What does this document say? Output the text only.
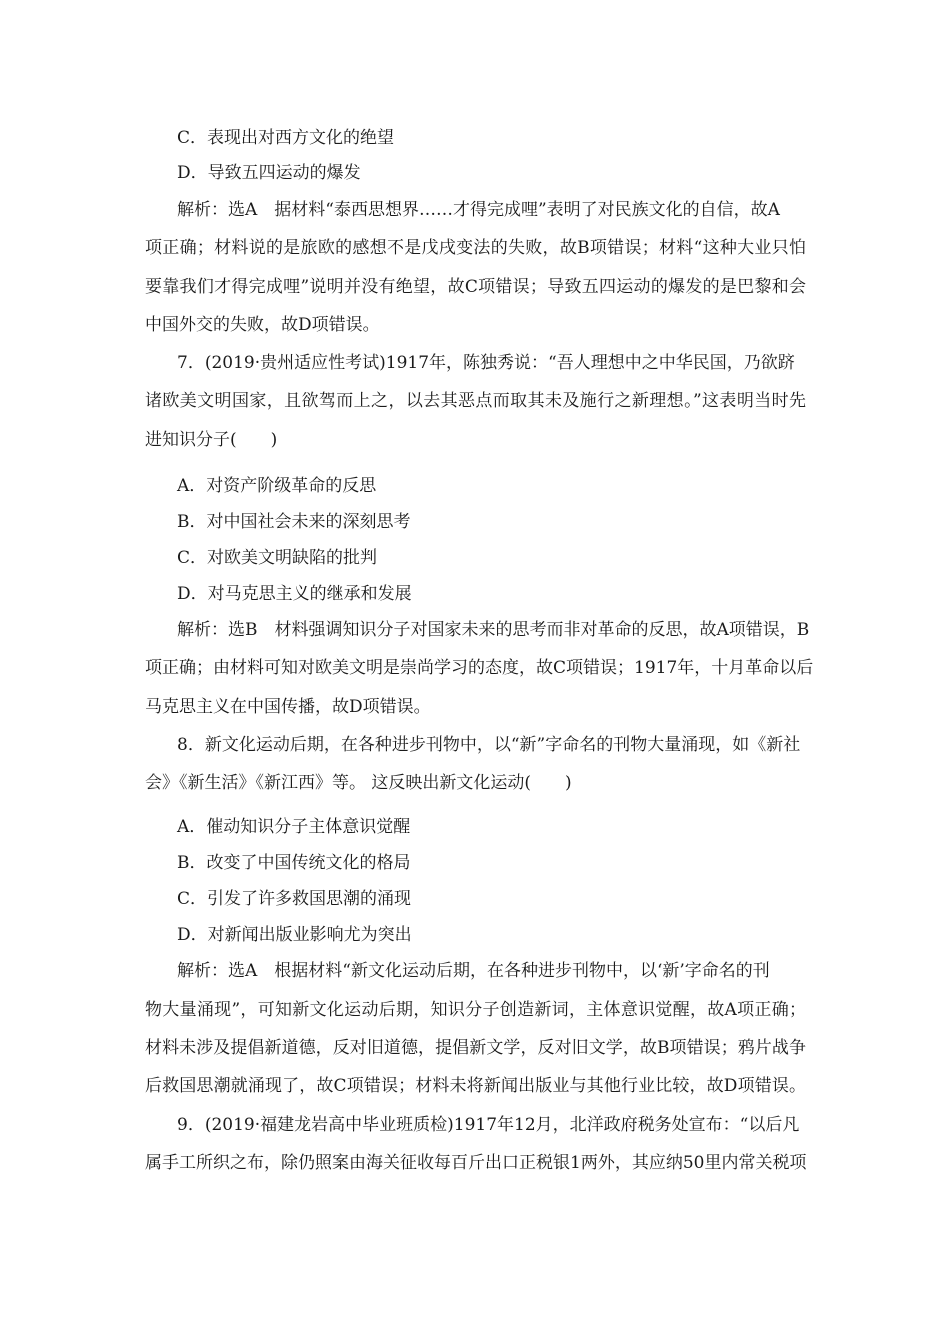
C．表现出对西方文化的绝望
D．导致五四运动的爆发
解析：选A　据材料“泰西思想界……才得完成哩”表明了对民族文化的自信，故A
项正确；材料说的是旅欧的感想不是戊戌变法的失败，故B项错误；材料“这种大业只怕
要靠我们才得完成哩”说明并没有绝望，故C项错误；导致五四运动的爆发的是巴黎和会
中国外交的失败，故D项错误。
7．(2019·贵州适应性考试)1917年，陈独秀说：“吾人理想中之中华民国，乃欲跻
诸欧美文明国家，且欲驾而上之，以去其恶点而取其未及施行之新理想。”这表明当时先
进知识分子(　　)
A．对资产阶级革命的反思
B．对中国社会未来的深刻思考
C．对欧美文明缺陷的批判
D．对马克思主义的继承和发展
解析：选B　材料强调知识分子对国家未来的思考而非对革命的反思，故A项错误，B
项正确；由材料可知对欧美文明是崇尚学习的态度，故C项错误；1917年，十月革命以后
马克思主义在中国传播，故D项错误。
8．新文化运动后期，在各种进步刊物中，以“新”字命名的刊物大量涌现，如《新社
会》《新生活》《新江西》等。 这反映出新文化运动(　　)
A．催动知识分子主体意识觉醒
B．改变了中国传统文化的格局
C．引发了许多救国思潮的涌现
D．对新闻出版业影响尤为突出
解析：选A　根据材料“新文化运动后期，在各种进步刊物中，以‘新’字命名的刊
物大量涌现”，可知新文化运动后期，知识分子创造新词，主体意识觉醒，故A项正确；
材料未涉及提倡新道德，反对旧道德，提倡新文学，反对旧文学，故B项错误；鸦片战争
后救国思潮就涌现了，故C项错误；材料未将新闻出版业与其他行业比较，故D项错误。
9．(2019·福建龙岩高中毕业班质检)1917年12月，北洋政府税务处宣布：“以后凡
属手工所织之布，除仍照案由海关征收每百斤出口正税银1两外，其应纳50里内常关税项
